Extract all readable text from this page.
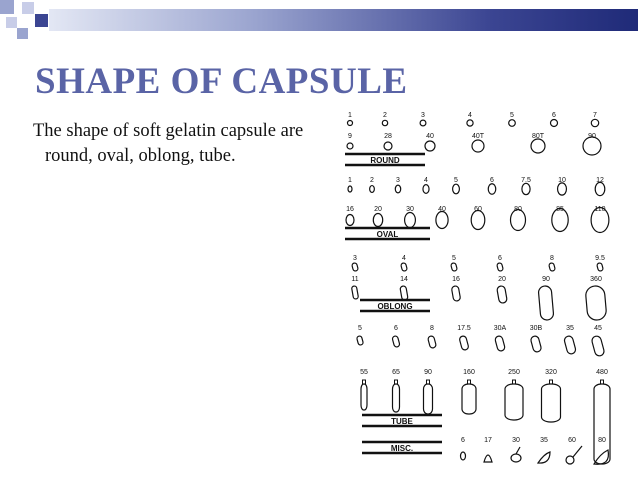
SHAPE OF CAPSULE
The shape of soft gelatin capsule are round, oval, oblong, tube.
1	2	3	4	5	6	7
9	28	40	40T	80T	90
ROUND
1	2	3	4	5	6	7.5	10	12
16	20	30	40	60	80	85	110
OVAL
3	4	5	6	8	9.5
11	14	16	20	90	360
OBLONG
5	6	8	17.5	30A	30B	35	45
55	65	90	160	250	320	480
TUBE
MISC.
6	17	30	35	60	80
